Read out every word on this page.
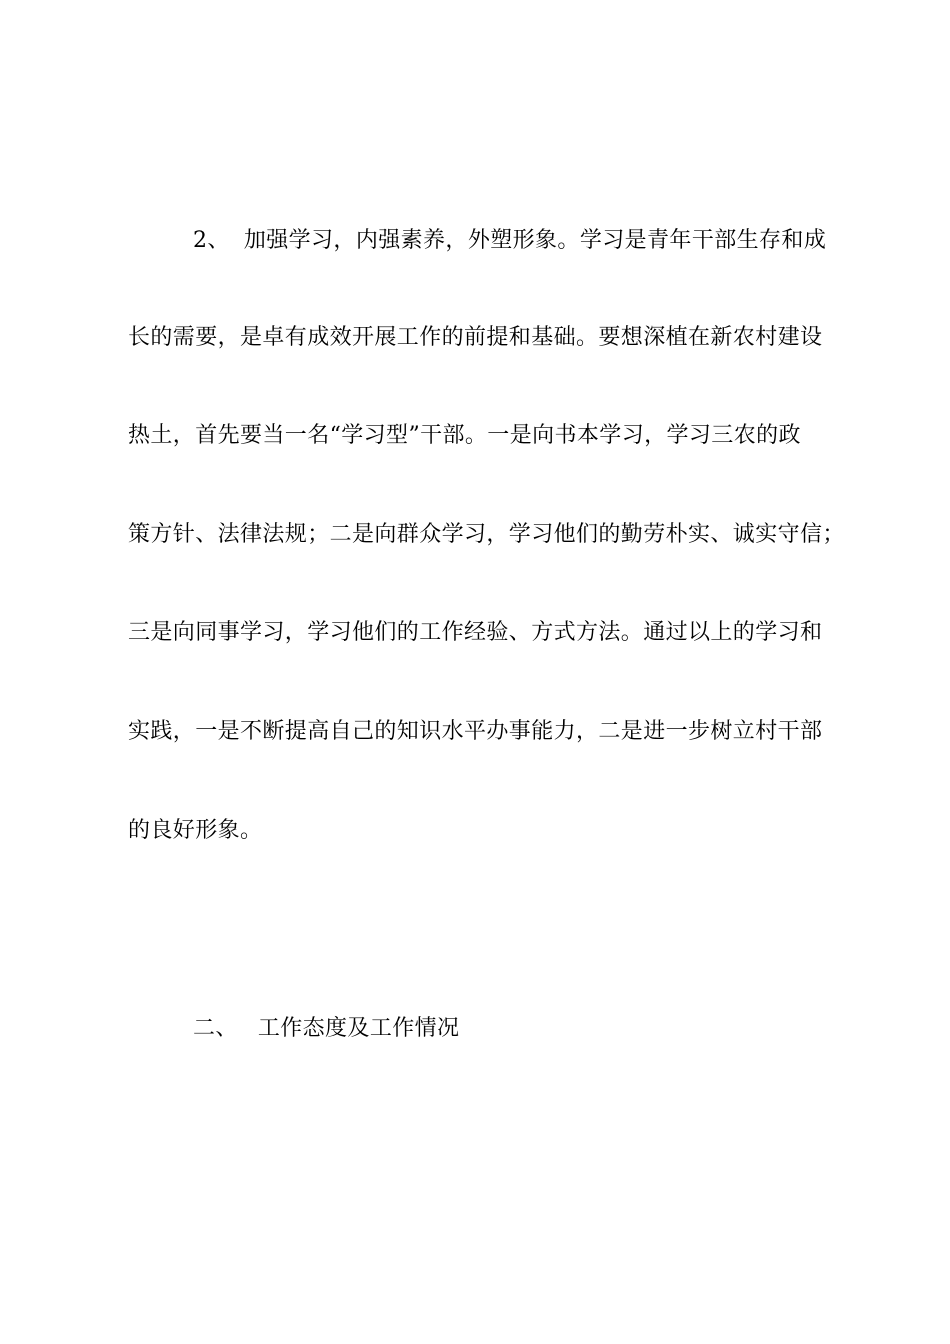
2、 加强学习，内强素养，外塑形象。学习是青年干部生存和成
长的需要，是卓有成效开展工作的前提和基础。要想深植在新农村建设
热土，首先要当一名“学习型”干部。一是向书本学习，学习三农的政
策方针、法律法规；二是向群众学习，学习他们的勤劳朴实、诚实守信；
三是向同事学习，学习他们的工作经验、方式方法。通过以上的学习和
实践，一是不断提高自己的知识水平办事能力，二是进一步树立村干部
的良好形象。
二、 工作态度及工作情况
